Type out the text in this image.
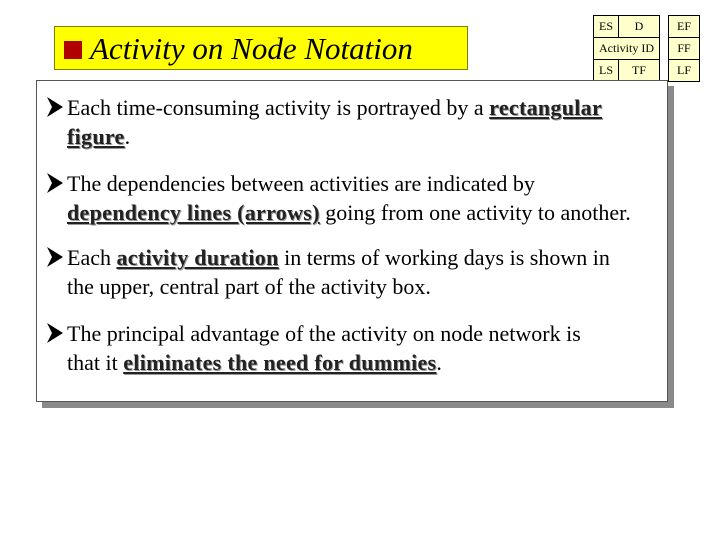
Activity on Node Notation
ES	D		EF
Activity ID			FF
LS	TF		LF
Each time-consuming activity is portrayed by a rectangular
figure.
The dependencies between activities are indicated by
dependency lines (arrows) going from one activity to another.
Each activity duration in terms of working days is shown in
the upper, central part of the activity box.
The principal advantage of the activity on node network is
that it eliminates the need for dummies.
